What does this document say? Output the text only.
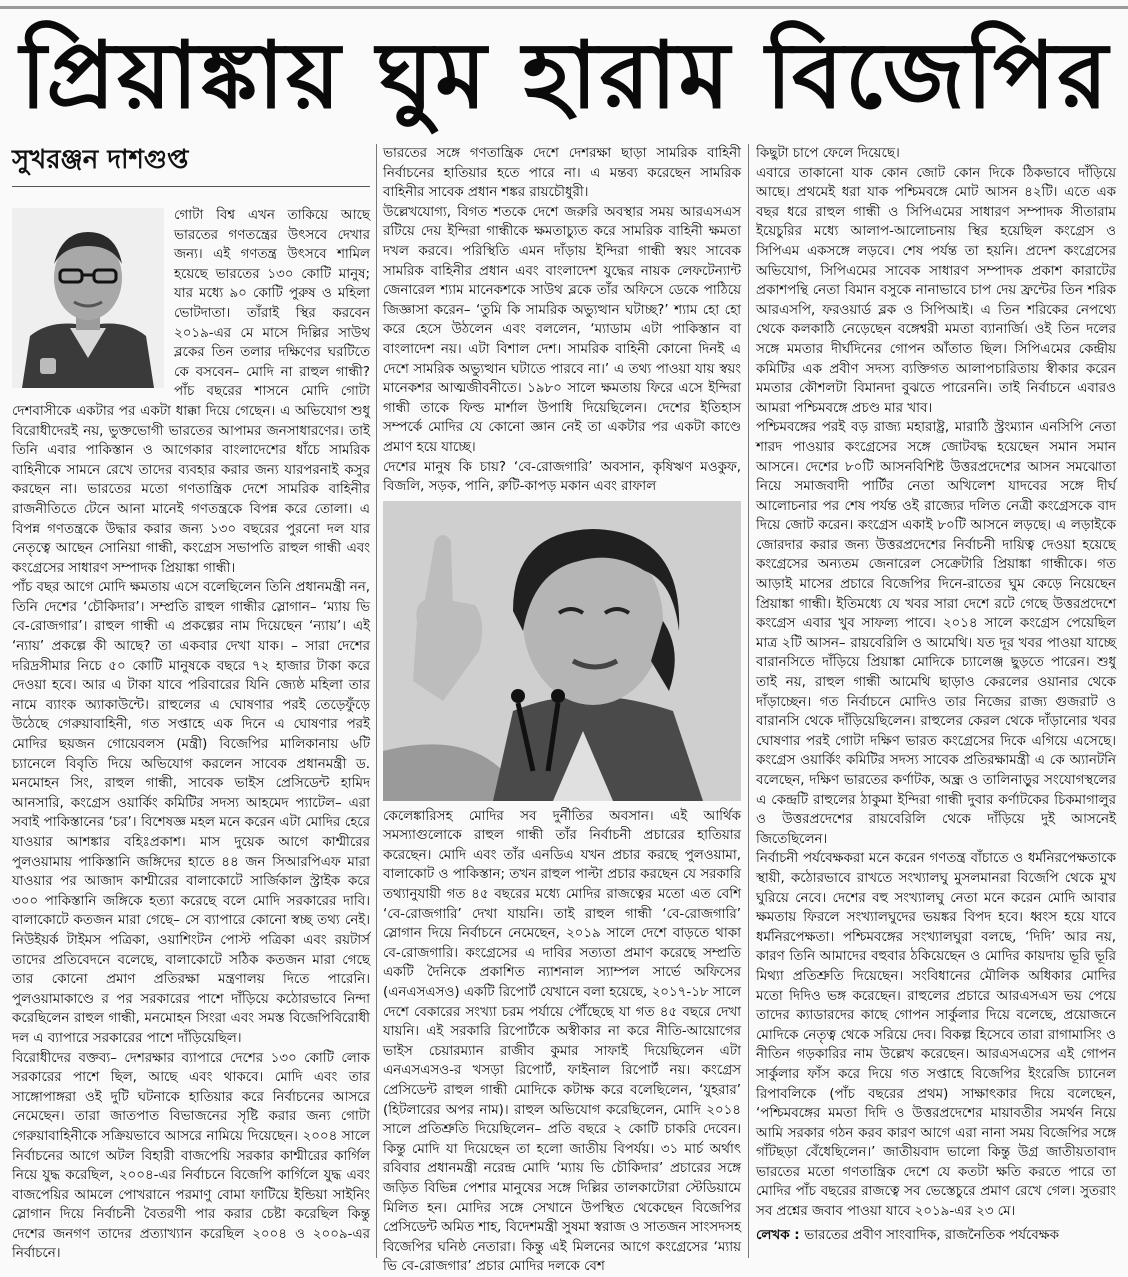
প্রিয়াঙ্কায় ঘুম হারাম বিজেপির
সুখরঞ্জন দাশগুপ্ত

গোটা বিশ্ব এখন তাকিয়ে আছে ভারতের গণতন্ত্রের উৎসবে দেখার জন্য। এই গণতন্ত্র উৎসবে শামিল হয়েছে ভারতের ১৩০ কোটি মানুষ; যার মধ্যে ৯০ কোটি পুরুষ ও মহিলা ভোটদাতা। তাঁরাই স্থির করবেন ২০১৯-এর মে মাসে দিল্লির সাউথ ব্লকের তিন তলার দক্ষিণের ঘরটিতে কে বসবেন– মোদি না রাহুল গান্ধী? পাঁচ বছরের শাসনে মোদি গোটা দেশবাসীকে একটার পর একটা ধাক্কা দিয়ে গেছেন। এ অভিযোগ শুধু বিরোধীদেরই নয়, ভুক্তভোগী ভারতের আপামর জনসাধারণের। তাই তিনি এবার পাকিস্তান ও আগেকার বাংলাদেশের ধাঁচে সামরিক বাহিনীকে সামনে রেখে তাদের ব্যবহার করার জন্য যারপরনাই কসুর করছেন না। ভারতের মতো গণতান্ত্রিক দেশে সামরিক বাহিনীর রাজনীতিতে টেনে আনা মানেই গণতন্ত্রকে বিপন্ন করে তোলা। এ বিপন্ন গণতন্ত্রকে উদ্ধার করার জন্য ১৩০ বছরের পুরনো দল যার নেতৃত্বে আছেন সোনিয়া গান্ধী, কংগ্রেস সভাপতি রাহুল গান্ধী এবং কংগ্রেসের সাধারণ সম্পাদক প্রিয়াঙ্কা গান্ধী।

পাঁচ বছর আগে মোদি ক্ষমতায় এসে বলেছিলেন তিনি প্রধানমন্ত্রী নন, তিনি দেশের ‘চৌকিদার’। সম্প্রতি রাহুল গান্ধীর স্লোগান– ‘ম্যায় ভি বে-রোজগার’। রাহুল গান্ধী এ প্রকল্পের নাম দিয়েছেন ‘ন্যায়’। এই ‘ন্যায়’ প্রকল্পে কী আছে? তা একবার দেখা যাক। – সারা দেশের দরিদ্রসীমার নিচে ৫০ কোটি মানুষকে বছরে ৭২ হাজার টাকা করে দেওয়া হবে। আর এ টাকা যাবে পরিবারের যিনি জ্যেষ্ঠ মহিলা তার নামে ব্যাংক অ্যাকাউন্টে। রাহুলের এ ঘোষণার পরই তেড়েফুঁড়ে উঠেছে গেরুয়াবাহিনী, গত সপ্তাহে এক দিনে এ ঘোষণার পরই মোদির ছয়জন গোয়েবলস (মন্ত্রী) বিজেপির মালিকানায় ৬টি চ্যানেলে বিবৃতি দিয়ে অভিযোগ করলেন সাবেক প্রধানমন্ত্রী ড. মনমোহন সিং, রাহুল গান্ধী, সাবেক ভাইস প্রেসিডেন্ট হামিদ আনসারি, কংগ্রেস ওয়ার্কিং কমিটির সদস্য আহমেদ প্যাটেল– এরা সবাই পাকিস্তানের ‘চর’। বিশেষজ্ঞ মহল মনে করেন এটা মোদির হেরে যাওয়ার আশঙ্কার বহিঃপ্রকাশ। মাস দুয়েক আগে কাশ্মীরের পুলওয়ামায় পাকিস্তানি জঙ্গিদের হাতে ৪৪ জন সিআরপিএফ মারা যাওয়ার পর আজাদ কাশ্মীরের বালাকোটে সার্জিকাল স্ট্রাইক করে ৩০০ পাকিস্তানি জঙ্গিকে হত্যা করেছে বলে মোদি সরকারের দাবি। বালাকোটে কতজন মারা গেছে– সে ব্যাপারে কোনো স্বচ্ছ তথ্য নেই। নিউইয়র্ক টাইমস পত্রিকা, ওয়াশিংটন পোস্ট পত্রিকা এবং রয়টার্স তাদের প্রতিবেদনে বলেছে, বালাকোটে সঠিক কতজন মারা গেছে তার কোনো প্রমাণ প্রতিরক্ষা মন্ত্রণালয় দিতে পারেনি। পুলওয়ামাকাণ্ডে র পর সরকারের পাশে দাঁড়িয়ে কঠোরভাবে নিন্দা করেছিলেন রাহুল গান্ধী, মনমোহন সিংরা এবং সমস্ত বিজেপিবিরোধী দল এ ব্যাপারে সরকারের পাশে দাঁড়িয়েছিল।

বিরোধীদের বক্তব্য– দেশরক্ষার ব্যাপারে দেশের ১৩০ কোটি লোক সরকারের পাশে ছিল, আছে এবং থাকবে। মোদি এবং তার সাঙ্গোপাঙ্গরা ওই দুটি ঘটনাকে হাতিয়ার করে নির্বাচনের আসরে নেমেছেন। তারা জাতপাত বিভাজনের সৃষ্টি করার জন্য গোটা গেরুয়াবাহিনীকে সক্রিয়ভাবে আসরে নামিয়ে দিয়েছেন। ২০০৪ সালে নির্বাচনের আগে অটল বিহারী বাজপেয়ি সরকার কাশ্মীরের কার্গিল নিয়ে যুদ্ধ করেছিল, ২০০৪-এর নির্বাচনে বিজেপি কার্গিলে যুদ্ধ এবং বাজপেয়ির আমলে পোখরানে পরমাণু বোমা ফাটিয়ে ইন্ডিয়া সাইনিং স্লোগান দিয়ে নির্বাচনী বৈতরণী পার করার চেষ্টা করেছিল কিন্তু দেশের জনগণ তাদের প্রত্যাখ্যান করেছিল ২০০৪ ও ২০০৯-এর নির্বাচনে।

ভারতের সঙ্গে গণতান্ত্রিক দেশে দেশরক্ষা ছাড়া সামরিক বাহিনী নির্বাচনের হাতিয়ার হতে পারে না। এ মন্তব্য করেছেন সামরিক বাহিনীর সাবেক প্রধান শঙ্কর রায়চৌধুরী।

উল্লেখযোগ্য, বিগত শতকে দেশে জরুরি অবস্থার সময় আরএসএস রটিয়ে দেয় ইন্দিরা গান্ধীকে ক্ষমতাচ্যুত করে সামরিক বাহিনী ক্ষমতা দখল করবে। পরিস্থিতি এমন দাঁড়ায় ইন্দিরা গান্ধী স্বয়ং সাবেক সামরিক বাহিনীর প্রধান এবং বাংলাদেশ যুদ্ধের নায়ক লেফটেন্যান্ট জেনারেল শ্যাম মানেকশকে সাউথ ব্লকে তাঁর অফিসে ডেকে পাঠিয়ে জিজ্ঞাসা করেন– ‘তুমি কি সামরিক অভ্যুত্থান ঘটাচ্ছ?’ শ্যাম হো হো করে হেসে উঠলেন এবং বললেন, ‘ম্যাডাম এটা পাকিস্তান বা বাংলাদেশ নয়। এটা বিশাল দেশ। সামরিক বাহিনী কোনো দিনই এ দেশে সামরিক অভ্যুত্থান ঘটাতে পারবে না।’ এ তথ্য পাওয়া যায় স্বয়ং মানেকশর আত্মজীবনীতে। ১৯৮০ সালে ক্ষমতায় ফিরে এসে ইন্দিরা গান্ধী তাকে ফিল্ড মার্শাল উপাধি দিয়েছিলেন। দেশের ইতিহাস সম্পর্কে মোদির যে কোনো জ্ঞান নেই তা একটার পর একটা কাণ্ডে প্রমাণ হয়ে যাচ্ছে।

দেশের মানুষ কি চায়? ‘বে-রোজগারি’ অবসান, কৃষিঋণ মওকুফ, বিজলি, সড়ক, পানি, রুটি-কাপড় মকান এবং রাফাল

কেলেঙ্কারিসহ মোদির সব দুর্নীতির অবসান। এই আর্থিক সমস্যাগুলোকে রাহুল গান্ধী তাঁর নির্বাচনী প্রচারের হাতিয়ার করেছেন। মোদি এবং তাঁর এনডিএ যখন প্রচার করছে পুলওয়ামা, বালাকোট ও পাকিস্তান; তখন রাহুল পাল্টা প্রচার করছেন যে সরকারি তথ্যানুযায়ী গত ৪৫ বছরের মধ্যে মোদির রাজত্বের মতো এত বেশি ‘বে-রোজগারি’ দেখা যায়নি। তাই রাহুল গান্ধী ‘বে-রোজগারি’ স্লোগান দিয়ে নির্বাচনে নেমেছেন, ২০১৯ সালে দেশে বাড়তে থাকা বে-রোজগারি। কংগ্রেসের এ দাবির সত্যতা প্রমাণ করেছে সম্প্রতি একটি দৈনিকে প্রকাশিত ন্যাশনাল স্যাম্পল সার্ভে অফিসের (এনএসএসও) একটি রিপোর্ট যেখানে বলা হয়েছে, ২০১৭-১৮ সালে দেশে বেকারের সংখ্যা চরম পর্যায়ে পৌঁছেছে যা গত ৪৫ বছরে দেখা যায়নি। এই সরকারি রিপোর্টকে অস্বীকার না করে নীতি-আয়োগের ভাইস চেয়ারম্যান রাজীব কুমার সাফাই দিয়েছিলেন এটা এনএসএসও-র খসড়া রিপোর্ট, ফাইনাল রিপোর্ট নয়। কংগ্রেস প্রেসিডেন্ট রাহুল গান্ধী মোদিকে কটাক্ষ করে বলেছিলেন, ‘যুহরার’ (হিটলারের অপর নাম)। রাহুল অভিযোগ করেছিলেন, মোদি ২০১৪ সালে প্রতিশ্রুতি দিয়েছিলেন– প্রতি বছরে ২ কোটি চাকরি দেবেন। কিন্তু মোদি যা দিয়েছেন তা হলো জাতীয় বিপর্যয়। ৩১ মার্চ অর্থাৎ রবিবার প্রধানমন্ত্রী নরেন্দ্র মোদি ‘ম্যায় ভি চৌকিদার’ প্রচারের সঙ্গে জড়িত বিভিন্ন পেশার মানুষের সঙ্গে দিল্লির তালকাটোরা স্টেডিয়ামে মিলিত হন। মোদির সঙ্গে সেখানে উপস্থিত থেকেছেন বিজেপির প্রেসিডেন্ট অমিত শাহ, বিদেশমন্ত্রী সুষমা স্বরাজ ও সাতজন সাংসদসহ বিজেপির ঘনিষ্ঠ নেতারা। কিন্তু এই মিলনের আগে কংগ্রেসের ‘ম্যায় ভি বে-রোজগার’ প্রচার মোদির দলকে বেশ

কিছুটা চাপে ফেলে দিয়েছে।

এবারে তাকানো যাক কোন জোট কোন দিকে ঠিকভাবে দাঁড়িয়ে আছে। প্রথমেই ধরা যাক পশ্চিমবঙ্গে মোট আসন ৪২টি। এতে এক বছর ধরে রাহুল গান্ধী ও সিপিএমের সাধারণ সম্পাদক সীতারাম ইয়েচুরির মধ্যে আলাপ-আলোচনায় স্থির হয়েছিল কংগ্রেস ও সিপিএম একসঙ্গে লড়বে। শেষ পর্যন্ত তা হয়নি। প্রদেশ কংগ্রেসের অভিযোগ, সিপিএমের সাবেক সাধারণ সম্পাদক প্রকাশ কারাটের প্রকাশপন্থি নেতা বিমান বসুকে নানাভাবে চাপ দেয় ফ্রন্টের তিন শরিক আরএসপি, ফরওয়ার্ড ব্লক ও সিপিআই। এ তিন শরিকের নেপথ্যে থেকে কলকাঠি নেড়েছেন বঙ্গেশ্বরী মমতা ব্যানার্জি। ওই তিন দলের সঙ্গে মমতার দীর্ঘদিনের গোপন আঁতাত ছিল। সিপিএমের কেন্দ্রীয় কমিটির এক প্রবীণ সদস্য ব্যক্তিগত আলাপচারিতায় স্বীকার করেন মমতার কৌশলটা বিমানদা বুঝতে পারেননি। তাই নির্বাচনে এবারও আমরা পশ্চিমবঙ্গে প্রচণ্ড মার খাব।

পশ্চিমবঙ্গের পরই বড় রাজ্য মহারাষ্ট্র, মারাঠি স্ট্রংম্যান এনসিপি নেতা শারদ পাওয়ার কংগ্রেসের সঙ্গে জোটবদ্ধ হয়েছেন সমান সমান আসনে। দেশের ৮০টি আসনবিশিষ্ট উত্তরপ্রদেশের আসন সমঝোতা নিয়ে সমাজবাদী পার্টির নেতা অখিলেশ যাদবের সঙ্গে দীর্ঘ আলোচনার পর শেষ পর্যন্ত ওই রাজ্যের দলিত নেত্রী কংগ্রেসকে বাদ দিয়ে জোট করেন। কংগ্রেস একাই ৮০টি আসনে লড়ছে। এ লড়াইকে জোরদার করার জন্য উত্তরপ্রদেশের নির্বাচনী দায়িত্ব দেওয়া হয়েছে কংগ্রেসের অন্যতম জেনারেল সেক্রেটারি প্রিয়াঙ্কা গান্ধীকে। গত আড়াই মাসের প্রচারে বিজেপির দিনে-রাতের ঘুম কেড়ে নিয়েছেন প্রিয়াঙ্কা গান্ধী। ইতিমধ্যে যে খবর সারা দেশে রটে গেছে উত্তরপ্রদেশে কংগ্রেস এবার খুব সাফল্য পাবে। ২০১৪ সালে কংগ্রেস পেয়েছিল মাত্র ২টি আসন– রায়বেরিলি ও আমেথি। যত দূর খবর পাওয়া যাচ্ছে বারানসিতে দাঁড়িয়ে প্রিয়াঙ্কা মোদিকে চ্যালেঞ্জ ছুড়তে পারেন। শুধু তাই নয়, রাহুল গান্ধী আমেথি ছাড়াও কেরলের ওয়ানার থেকে দাঁড়াচ্ছেন। গত নির্বাচনে মোদিও তার নিজের রাজ্য গুজরাট ও বারানসি থেকে দাঁড়িয়েছিলেন। রাহুলের কেরল থেকে দাঁড়ানোর খবর ঘোষণার পরই গোটা দক্ষিণ ভারত কংগ্রেসের দিকে এগিয়ে এসেছে। কংগ্রেস ওয়ার্কিং কমিটির সদস্য সাবেক প্রতিরক্ষামন্ত্রী এ কে অ্যানটনি বলেছেন, দক্ষিণ ভারতের কর্ণাটক, অন্ধ্র ও তালিনাড়ুর সংযোগস্থলের এ কেন্দ্রটি রাহুলের ঠাকুমা ইন্দিরা গান্ধী দুবার কর্ণাটকের চিকমাগালুর ও উত্তরপ্রদেশের রায়বেরিলি থেকে দাঁড়িয়ে দুই আসনেই জিতেছিলেন।

নির্বাচনী পর্যবেক্ষকরা মনে করেন গণতন্ত্র বাঁচাতে ও ধর্মনিরপেক্ষতাকে স্থায়ী, কঠোরভাবে রাখতে সংখ্যালঘু মুসলমানরা বিজেপি থেকে মুখ ঘুরিয়ে নেবে। দেশের বহু সংখ্যালঘু নেতা মনে করেন মোদি আবার ক্ষমতায় ফিরলে সংখ্যালঘুদের ভয়ঙ্কর বিপদ হবে। ধ্বংস হয়ে যাবে ধর্মনিরপেক্ষতা। পশ্চিমবঙ্গের সংখ্যালঘুরা বলছে, ‘দিদি’ আর নয়, কারণ তিনি আমাদের বহুবার ঠকিয়েছেন ও মোদির কায়দায় ভূরি ভূরি মিথ্যা প্রতিশ্রুতি দিয়েছেন। সংবিধানের মৌলিক অধিকার মোদির মতো দিদিও ভঙ্গ করেছেন। রাহুলের প্রচারে আরএসএস ভয় পেয়ে তাদের ক্যাডারদের কাছে গোপন সার্কুলার দিয়ে বলেছে, প্রয়োজনে মোদিকে নেতৃত্ব থেকে সরিয়ে দেব। বিকল্প হিসেবে তারা রাগামাসিং ও নীতিন গড়কারির নাম উল্লেখ করেছেন। আরএসএসের এই গোপন সার্কুলার ফাঁস করে দিয়ে গত সপ্তাহে বিজেপির ইংরেজি চ্যানেল রিপাবলিকে (পাঁচ বছরের প্রথম) সাক্ষাৎকার দিয়ে বলেছেন, ‘পশ্চিমবঙ্গের মমতা দিদি ও উত্তরপ্রদেশের মায়াবতীর সমর্থন নিয়ে আমি সরকার গঠন করব কারণ আগে এরা নানা সময় বিজেপির সঙ্গে গাঁটছড়া বেঁধেছিলেন।’ জাতীয়বাদ ভালো কিন্তু উগ্র জাতীয়তাবাদ ভারতের মতো গণতান্ত্রিক দেশে যে কতটা ক্ষতি করতে পারে তা মোদির পাঁচ বছরের রাজত্বে সব ভেস্তেচুরে প্রমাণ রেখে গেল। সুতরাং সব প্রশ্নের জবাব পাওয়া যাবে ২০১৯-এর ২৩ মে।

লেখক : ভারতের প্রবীণ সাংবাদিক, রাজনৈতিক পর্যবেক্ষক
